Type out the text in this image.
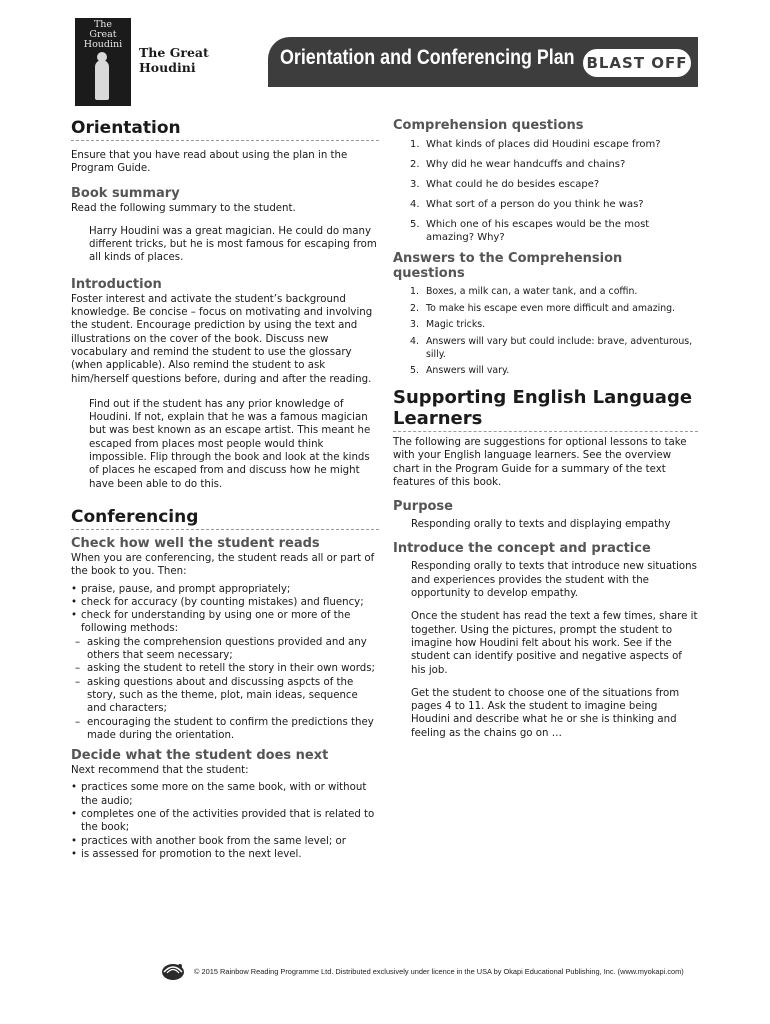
The
Great
Houdini
The Great
Houdini	Orientation and Conferencing Plan BLAST OFF
Orientation

Ensure that you have read about using the plan in the Program Guide.

Book summary

Read the following summary to the student.

Harry Houdini was a great magician. He could do many different tricks, but he is most famous for escaping from all kinds of places.

Introduction

Foster interest and activate the student’s background knowledge. Be concise – focus on motivating and involving the student. Encourage prediction by using the text and illustrations on the cover of the book. Discuss new vocabulary and remind the student to use the glossary (when applicable). Also remind the student to ask him/herself questions before, during and after the reading.

Find out if the student has any prior knowledge of Houdini. If not, explain that he was a famous magician but was best known as an escape artist. This meant he escaped from places most people would think impossible. Flip through the book and look at the kinds of places he escaped from and discuss how he might have been able to do this.

Conferencing
Check how well the student reads

When you are conferencing, the student reads all or part of the book to you. Then:

• praise, pause, and prompt appropriately;
• check for accuracy (by counting mistakes) and fluency;
• check for understanding by using one or more of the following methods:
– asking the comprehension questions provided and any others that seem necessary;
– asking the student to retell the story in their own words;
– asking questions about and discussing aspcts of the story, such as the theme, plot, main ideas, sequence and characters;
– encouraging the student to confirm the predictions they made during the orientation.
Decide what the student does next

Next recommend that the student:

• practices some more on the same book, with or without the audio;
• completes one of the activities provided that is related to the book;
• practices with another book from the same level; or
• is assessed for promotion to the next level.
Comprehension questions
1. What kinds of places did Houdini escape from?
2. Why did he wear handcuffs and chains?
3. What could he do besides escape?
4. What sort of a person do you think he was?
5. Which one of his escapes would be the most amazing? Why?
Answers to the Comprehension questions
1. Boxes, a milk can, a water tank, and a coffin.
2. To make his escape even more difficult and amazing.
3. Magic tricks.
4. Answers will vary but could include: brave, adventurous, silly.
5. Answers will vary.
Supporting English Language Learners

The following are suggestions for optional lessons to take with your English language learners. See the overview chart in the Program Guide for a summary of the text features of this book.

Purpose

Responding orally to texts and displaying empathy

Introduce the concept and practice

Responding orally to texts that introduce new situations and experiences provides the student with the opportunity to develop empathy.

Once the student has read the text a few times, share it together. Using the pictures, prompt the student to imagine how Houdini felt about his work. See if the student can identify positive and negative aspects of his job.

Get the student to choose one of the situations from pages 4 to 11. Ask the student to imagine being Houdini and describe what he or she is thinking and feeling as the chains go on …

© 2015 Rainbow Reading Programme Ltd. Distributed exclusively under licence in the USA by Okapi Educational Publishing, Inc. (www.myokapi.com)
